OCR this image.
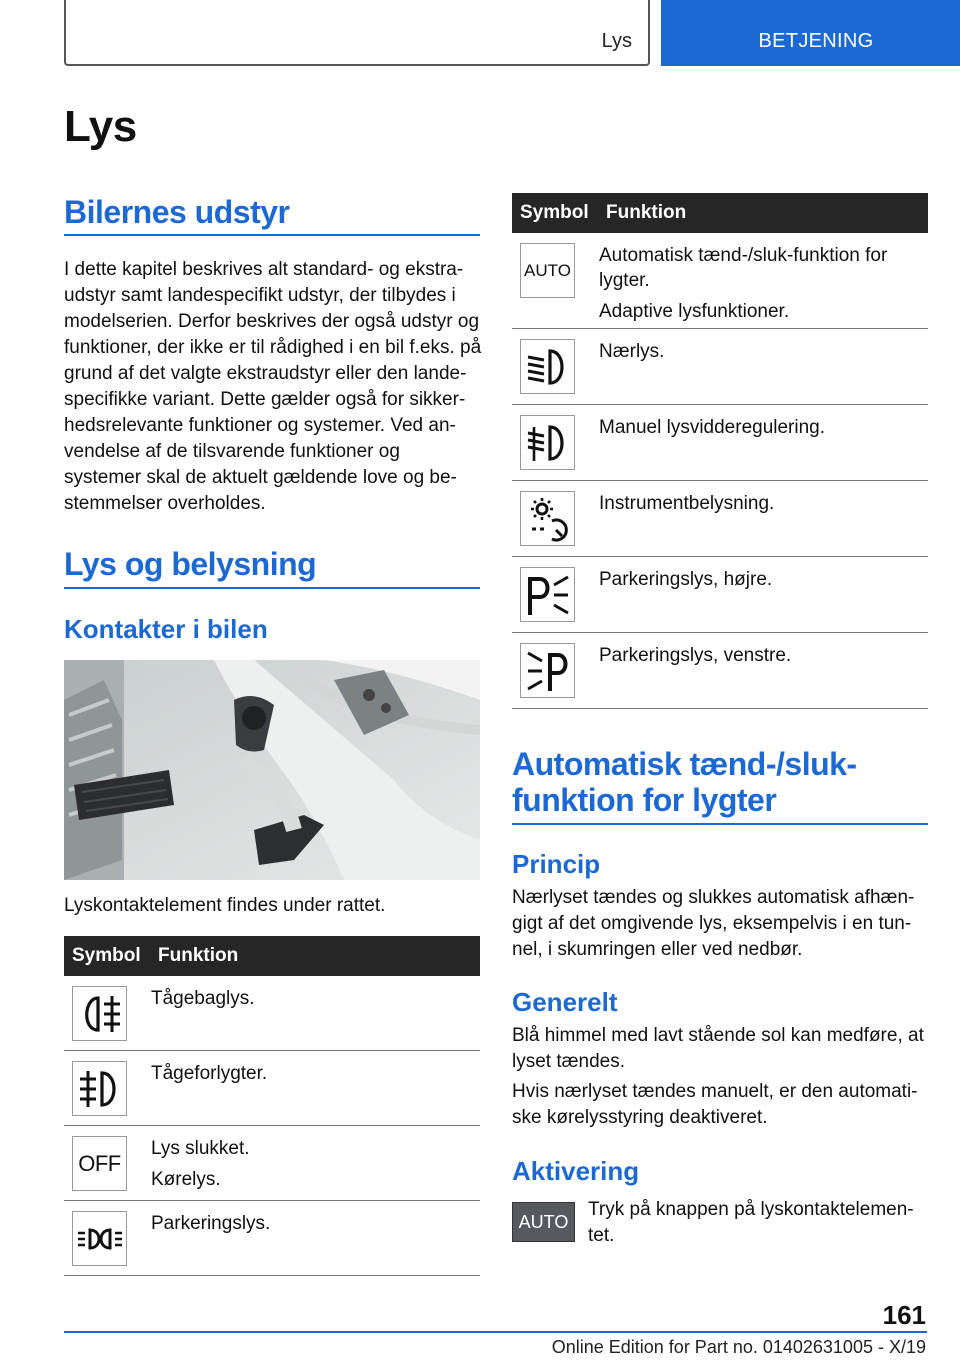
Lys	BETJENING
Lys
Bilernes udstyr
I dette kapitel beskrives alt standard- og ekstra-
udstyr samt landespecifikt udstyr, der tilbydes i
modelserien. Derfor beskrives der også udstyr og
funktioner, der ikke er til rådighed i en bil f.eks. på
grund af det valgte ekstraudstyr eller den lande-
specifikke variant. Dette gælder også for sikker-
hedsrelevante funktioner og systemer. Ved an-
vendelse af de tilsvarende funktioner og
systemer skal de aktuelt gældende love og be-
stemmelser overholdes.
Lys og belysning
Kontakter i bilen
Lyskontaktelement findes under rattet.
Symbol Funktion

Tågebaglys.

Tågeforlygter.

OFF

Lys slukket.

Kørelys.

Parkeringslys.

Symbol Funktion
AUTO

Automatisk tænd-/sluk-funktion for
lygter.

Adaptive lysfunktioner.

Nærlys.

Manuel lysvidderegulering.

Instrumentbelysning.

Parkeringslys, højre.

Parkeringslys, venstre.

Automatisk tænd-/sluk-
funktion for lygter
Princip
Nærlyset tændes og slukkes automatisk afhæn-
gigt af det omgivende lys, eksempelvis i en tun-
nel, i skumringen eller ved nedbør.
Generelt
Blå himmel med lavt stående sol kan medføre, at
lyset tændes.
Hvis nærlyset tændes manuelt, er den automati-
ske kørelysstyring deaktiveret.
Aktivering
AUTO
Tryk på knappen på lyskontaktelemen-
tet.
161
Online Edition for Part no. 01402631005 - X/19
